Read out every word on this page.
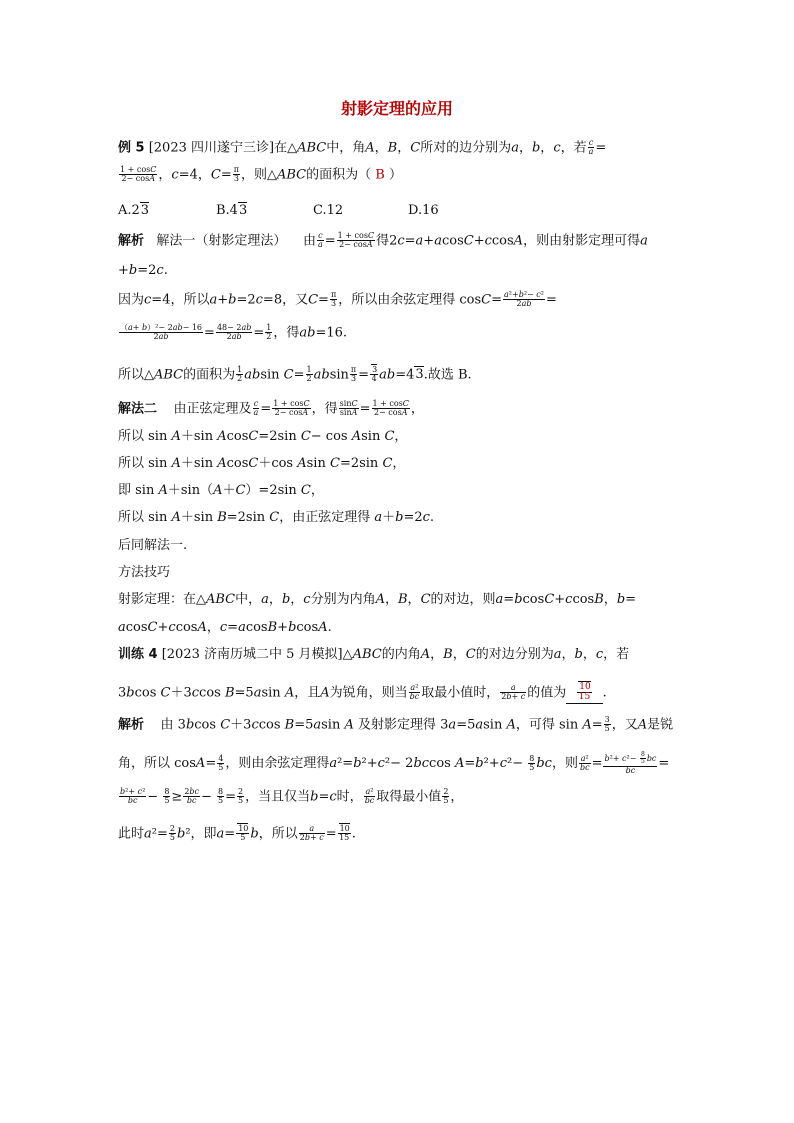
射影定理的应用
例 5 [2023 四川遂宁三诊]在△ABC中，角A，B，C所对的边分别为a，b，c，若 $\frac{c}{a}$ =
$\frac{1 + \cos C}{2- \cos A}$ ，c=4，$C= \frac{\pi}{3}$ ，则△ABC的面积为（ B ）
A.23	B.43	C.12	D.16
解析 解法一（射影定理法）    由 $\frac{c}{a} = \frac{1 + \cos C}{2- \cos A}$ 得2c=a+acosC+ccosA，则由射影定理可得a
+b=2c.
因为c=4，所以a+b=2c=8，又$C= \frac{\pi}{3}$ ，所以由余弦定理得 $\cos C= \frac{\text{a²+b²− c²}}{2ab}$ =
$\frac{\text{（a+ b）²− 2ab− 16}}{2ab} = \frac{48- 2ab}{2ab} = \frac{1}{2}$ ，得ab=16.
所以△ABC的面积为 $\frac{1}{2}$ absin $C= \frac{1}{2}$ absin $\frac{\pi}{3} = \frac{3}{4} ab=43$.故选 B.
解法二    由正弦定理及 $\frac{c}{a} = \frac{1 + \cos C}{2- \cos A}$ ，得 $\frac{\sin C}{\sin A} = \frac{1 + \cos C}{2- \cos A}$ ，
所以 sin A＋sin AcosC=2sin C− cos Asin C，
所以 sin A＋sin AcosC＋cos Asin C=2sin C，
即 sin A＋sin（A＋C）=2sin C，
所以 sin A＋sin B=2sin C，由正弦定理得 a＋b=2c.
后同解法一.
方法技巧
射影定理：在△ABC中，a，b，c分别为内角A，B，C的对边，则a=bcosC+ccosB，b=
acosC+ccosA，c=acosB+bcosA.
训练 4 [2023 济南历城二中 5 月模拟]△ABC的内角A，B，C的对边分别为a，b，c，若
3bcos C＋3ccos B=5asin A，且A为锐角，则当 $\frac{\text{a²}}{bc}$ 取最小值时， $\frac{a}{2b+ c}$ 的值为 $\frac{10}{15}$ .
解析    由 3bcos C＋3ccos B=5asin A 及射影定理得 3a=5asin A，可得 $\sin A= \frac{3}{5}$ ，又A是锐
角，所以 $\cos A= \frac{4}{5}$ ，则由余弦定理得a²=b²+c²− 2bccos $A=b^2+c^2- \frac{8}{5}$ bc，则 $\frac{\text{a²}}{bc} = \frac{b^2+ c^2- \frac{8}{5} bc}{bc}$ =
$\frac{\text{b²+ c²}}{bc} - \frac{8}{5} \ge \frac{2bc}{bc} - \frac{8}{5} = \frac{2}{5}$ ，当且仅当b=c时， $\frac{\text{a²}}{bc}$ 取得最小值 $\frac{2}{5}$ ，
此时$a^2= \frac{2}{5} b^2$，即$a= \frac{10}{5}$ b，所以 $\frac{a}{2b+ c} = \frac{10}{15}$ .
